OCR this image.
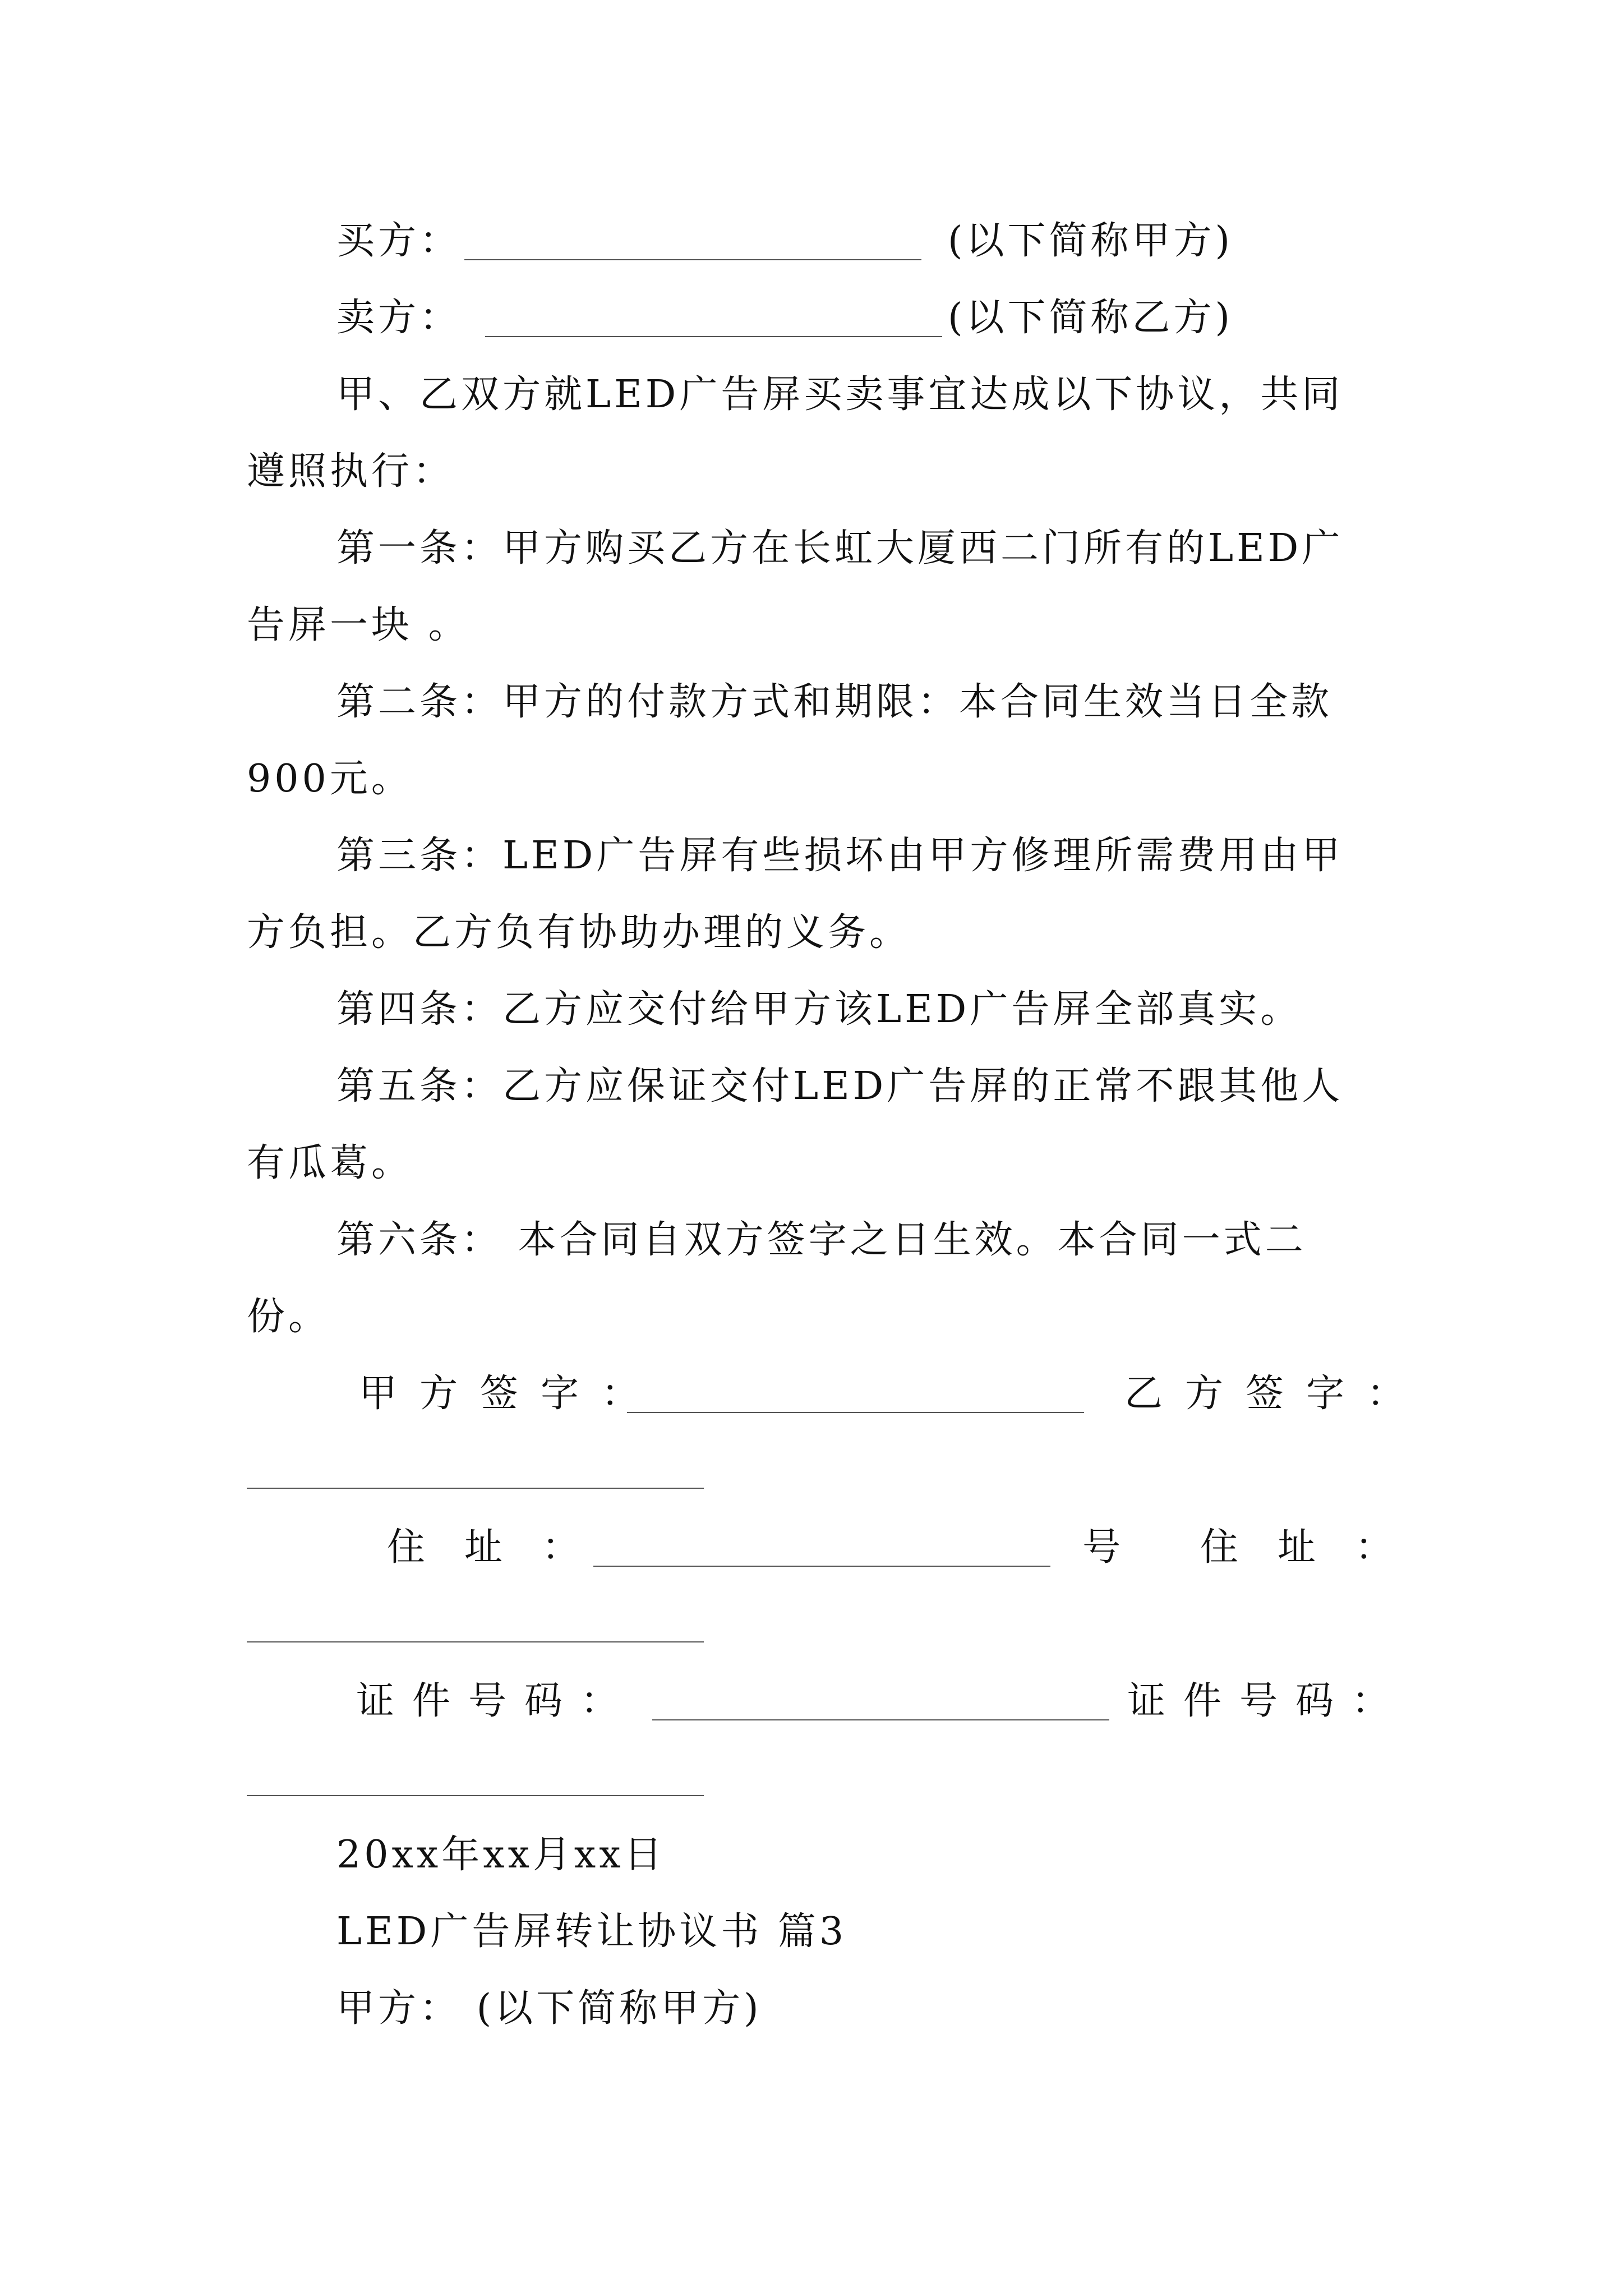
买方：	(以下简称甲方)
卖方：	(以下简称乙方)
甲、乙双方就LED广告屏买卖事宜达成以下协议，共同
遵照执行：
第一条：甲方购买乙方在长虹大厦西二门所有的LED广
告屏一块 。
第二条：甲方的付款方式和期限：本合同生效当日全款
900元。
第三条：LED广告屏有些损坏由甲方修理所需费用由甲
方负担。乙方负有协助办理的义务。
第四条：乙方应交付给甲方该LED广告屏全部真实。
第五条：乙方应保证交付LED广告屏的正常不跟其他人
有瓜葛。
第六条： 本合同自双方签字之日生效。本合同一式二
份。
甲方签字：	乙方签字：
住址：	号 住址：
证件号码：	证件号码：
20xx年xx月xx日
LED广告屏转让协议书 篇3
甲方： (以下简称甲方)
